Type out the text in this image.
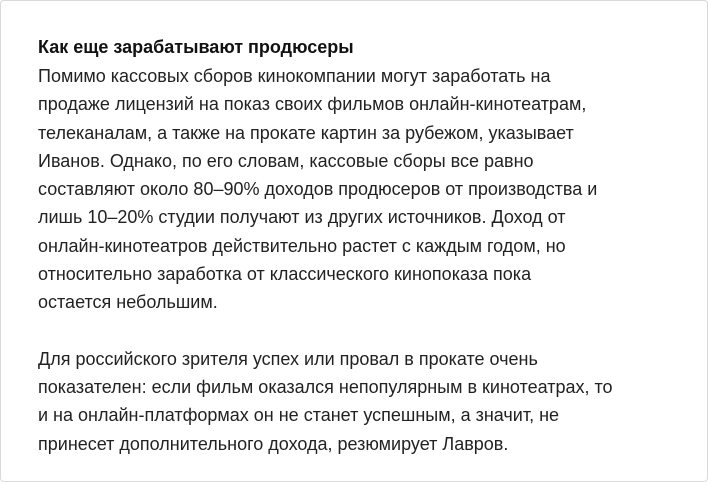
Как еще зарабатывают продюсеры

Помимо кассовых сборов кинокомпании могут заработать на
продаже лицензий на показ своих фильмов онлайн-кинотеатрам,
телеканалам, а также на прокате картин за рубежом, указывает
Иванов. Однако, по его словам, кассовые сборы все равно
составляют около 80–90% доходов продюсеров от производства и
лишь 10–20% студии получают из других источников. Доход от
онлайн-кинотеатров действительно растет с каждым годом, но
относительно заработка от классического кинопоказа пока
остается небольшим.

Для российского зрителя успех или провал в прокате очень
показателен: если фильм оказался непопулярным в кинотеатрах, то
и на онлайн-платформах он не станет успешным, а значит, не
принесет дополнительного дохода, резюмирует Лавров.
